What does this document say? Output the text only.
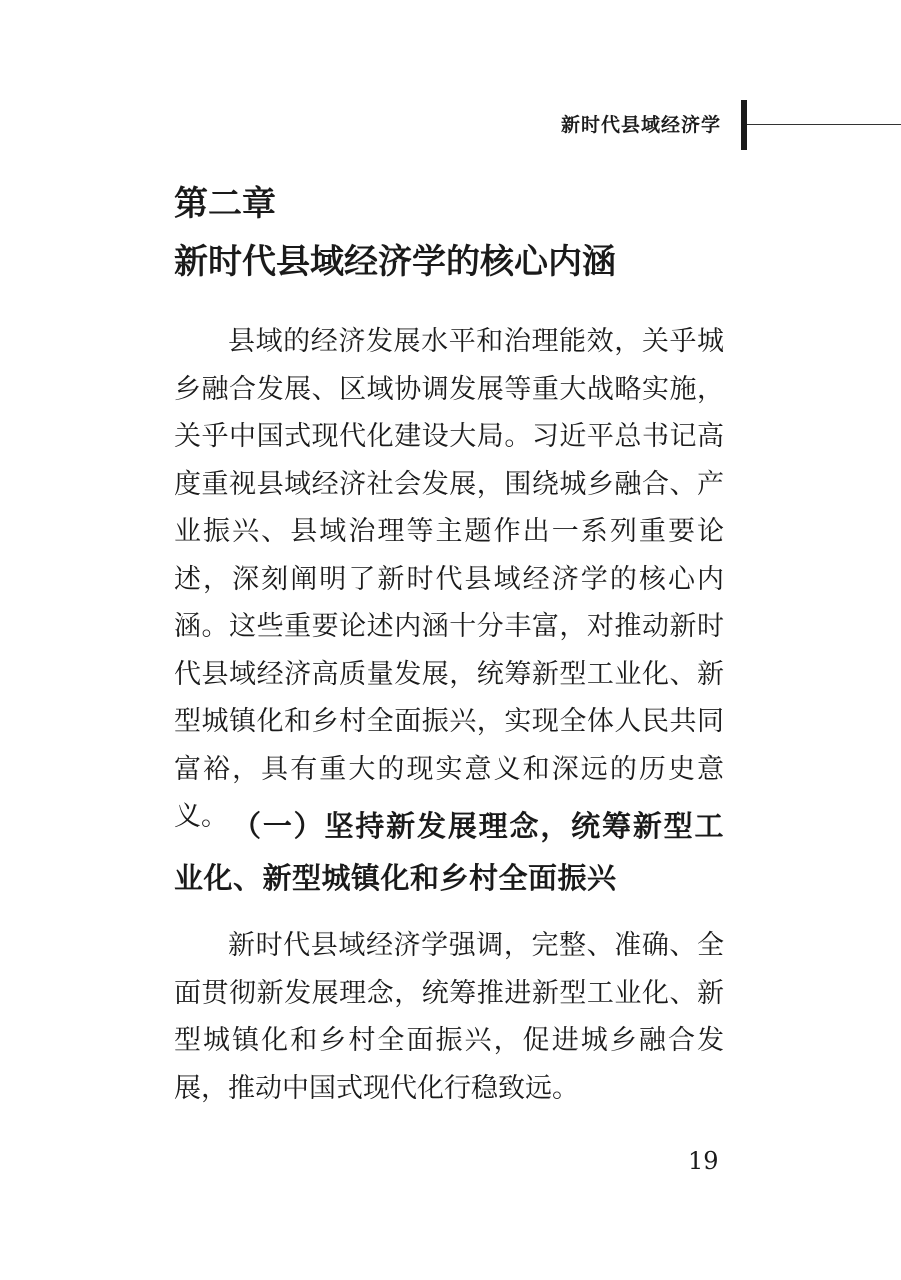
新时代县域经济学
第二章
新时代县域经济学的核心内涵

县域的经济发展水平和治理能效，关乎城乡融合发展、区域协调发展等重大战略实施，关乎中国式现代化建设大局。习近平总书记高度重视县域经济社会发展，围绕城乡融合、产业振兴、县域治理等主题作出一系列重要论述，深刻阐明了新时代县域经济学的核心内涵。这些重要论述内涵十分丰富，对推动新时代县域经济高质量发展，统筹新型工业化、新型城镇化和乡村全面振兴，实现全体人民共同富裕，具有重大的现实意义和深远的历史意义。 （一）坚持新发展理念，统筹新型工业化、新型城镇化和乡村全面振兴

新时代县域经济学强调，完整、准确、全面贯彻新发展理念，统筹推进新型工业化、新型城镇化和乡村全面振兴，促进城乡融合发展，推动中国式现代化行稳致远。

19
